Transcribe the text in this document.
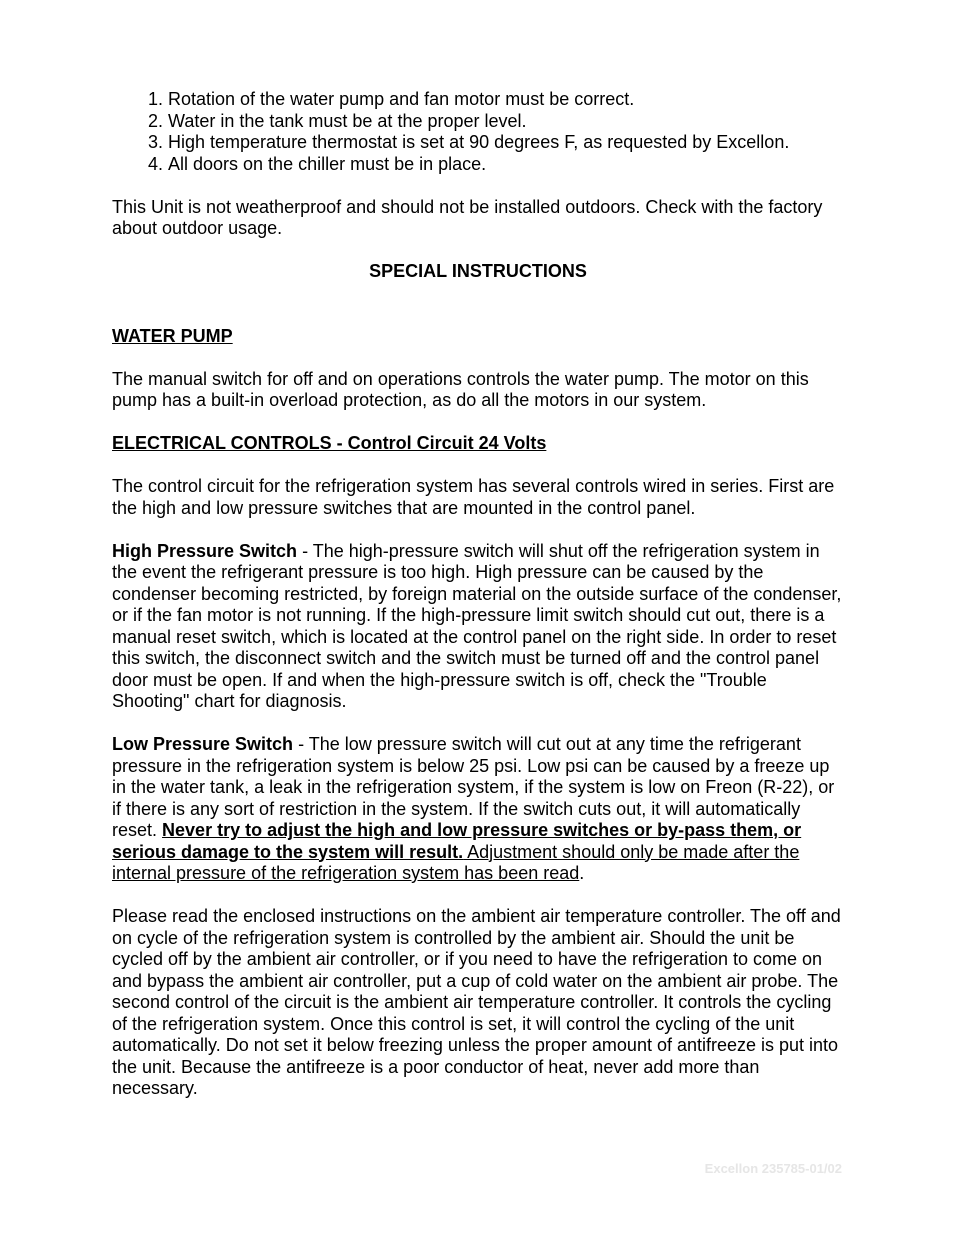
1. Rotation of the water pump and fan motor must be correct.
2. Water in the tank must be at the proper level.
3. High temperature thermostat is set at 90 degrees F, as requested by Excellon.
4. All doors on the chiller must be in place.

This Unit is not weatherproof and should not be installed outdoors. Check with the factory about outdoor usage.

SPECIAL INSTRUCTIONS

WATER PUMP

The manual switch for off and on operations controls the water pump. The motor on this pump has a built-in overload protection, as do all the motors in our system.

ELECTRICAL CONTROLS - Control Circuit 24 Volts

The control circuit for the refrigeration system has several controls wired in series. First are the high and low pressure switches that are mounted in the control panel.

High Pressure Switch - The high-pressure switch will shut off the refrigeration system in the event the refrigerant pressure is too high. High pressure can be caused by the condenser becoming restricted, by foreign material on the outside surface of the condenser, or if the fan motor is not running. If the high-pressure limit switch should cut out, there is a manual reset switch, which is located at the control panel on the right side. In order to reset this switch, the disconnect switch and the switch must be turned off and the control panel door must be open. If and when the high-pressure switch is off, check the "Trouble Shooting" chart for diagnosis.

Low Pressure Switch - The low pressure switch will cut out at any time the refrigerant pressure in the refrigeration system is below 25 psi. Low psi can be caused by a freeze up in the water tank, a leak in the refrigeration system, if the system is low on Freon (R-22), or if there is any sort of restriction in the system. If the switch cuts out, it will automatically reset. Never try to adjust the high and low pressure switches or by-pass them, or serious damage to the system will result. Adjustment should only be made after the internal pressure of the refrigeration system has been read.

Please read the enclosed instructions on the ambient air temperature controller. The off and on cycle of the refrigeration system is controlled by the ambient air. Should the unit be cycled off by the ambient air controller, or if you need to have the refrigeration to come on and bypass the ambient air controller, put a cup of cold water on the ambient air probe. The second control of the circuit is the ambient air temperature controller. It controls the cycling of the refrigeration system. Once this control is set, it will control the cycling of the unit automatically. Do not set it below freezing unless the proper amount of antifreeze is put into the unit. Because the antifreeze is a poor conductor of heat, never add more than necessary.

Excellon 235785-01/02
